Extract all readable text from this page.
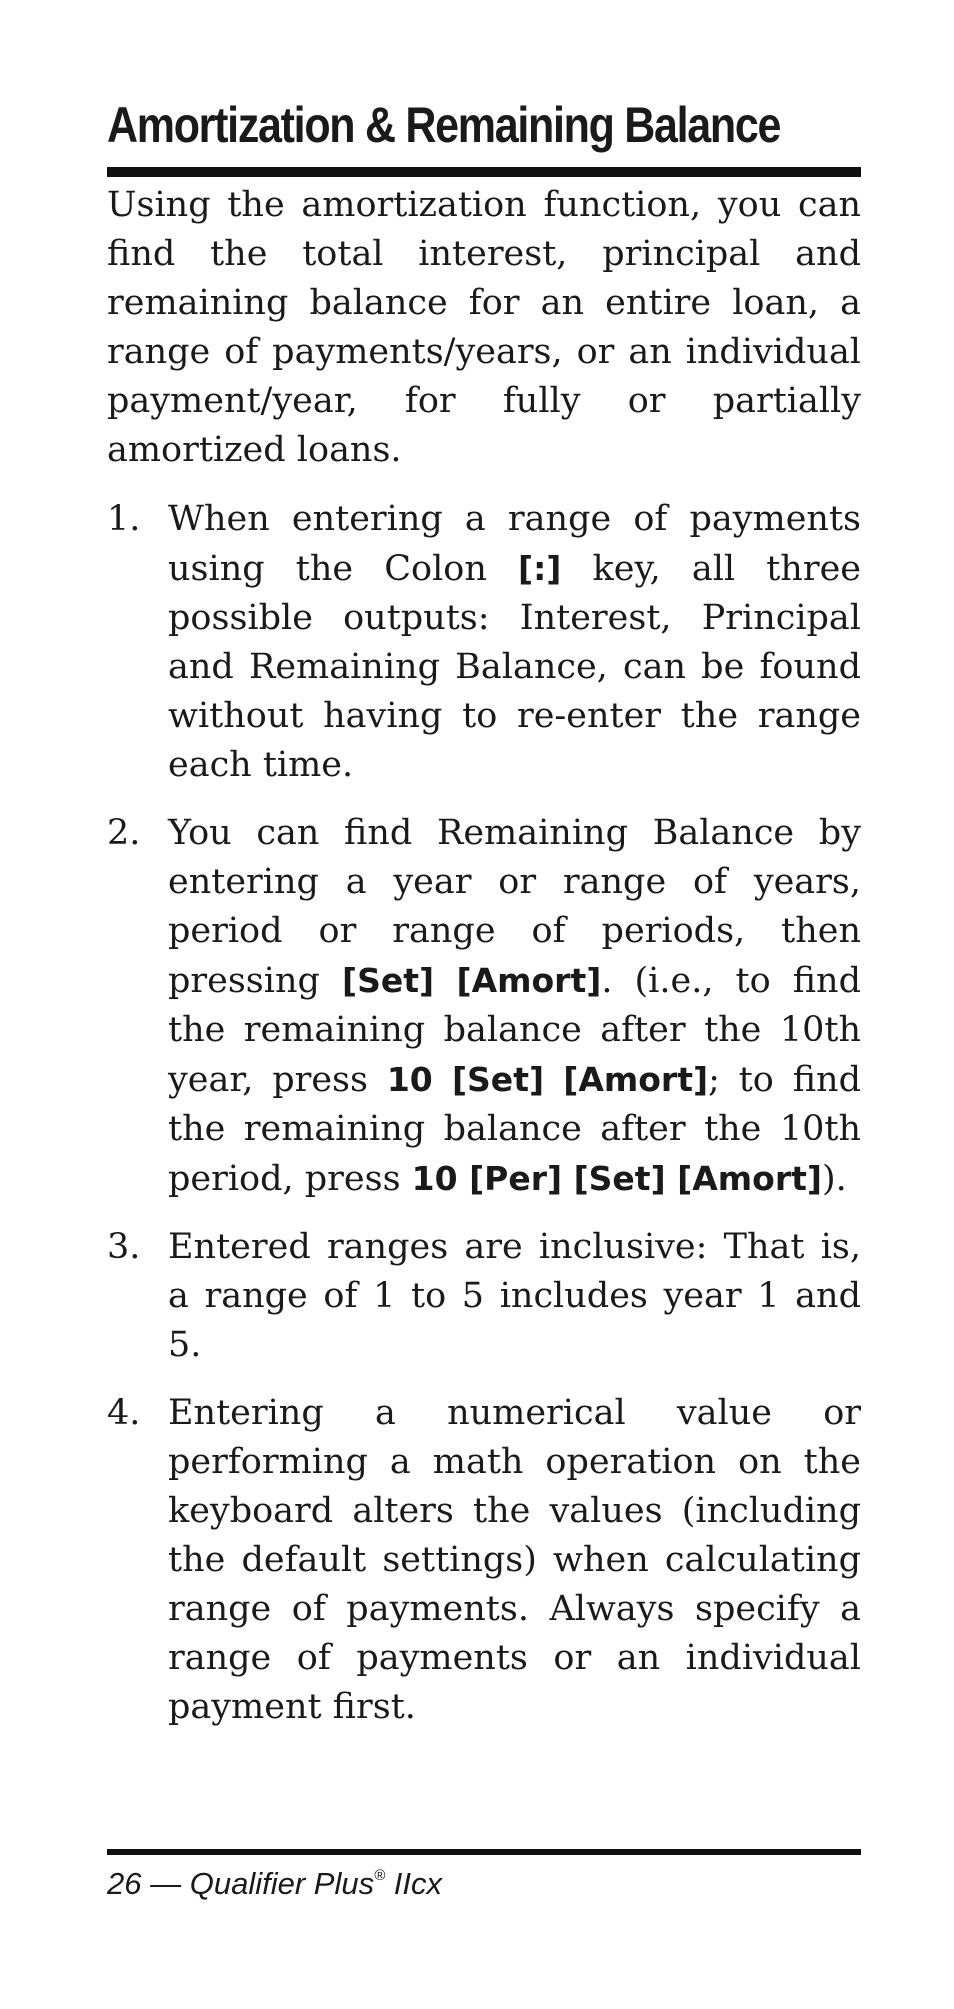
Amortization & Remaining Balance

Using the amortization function, you can find the total interest, principal and remaining balance for an entire loan, a range of payments/years, or an individual payment/year, for fully or partially amortized loans.

1. When entering a range of payments using the Colon [:] key, all three possible outputs: Interest, Principal and Remaining Balance, can be found without having to re-enter the range each time.
2. You can find Remaining Balance by entering a year or range of years, period or range of periods, then pressing [Set] [Amort]. (i.e., to find the remaining balance after the 10th year, press 10 [Set] [Amort]; to find the remaining balance after the 10th period, press 10 [Per] [Set] [Amort]).
3. Entered ranges are inclusive: That is, a range of 1 to 5 includes year 1 and 5.
4. Entering a numerical value or performing a math operation on the keyboard alters the values (including the default settings) when calculating range of payments. Always specify a range of payments or an individual payment first.
26 — Qualifier Plus® IIcx
